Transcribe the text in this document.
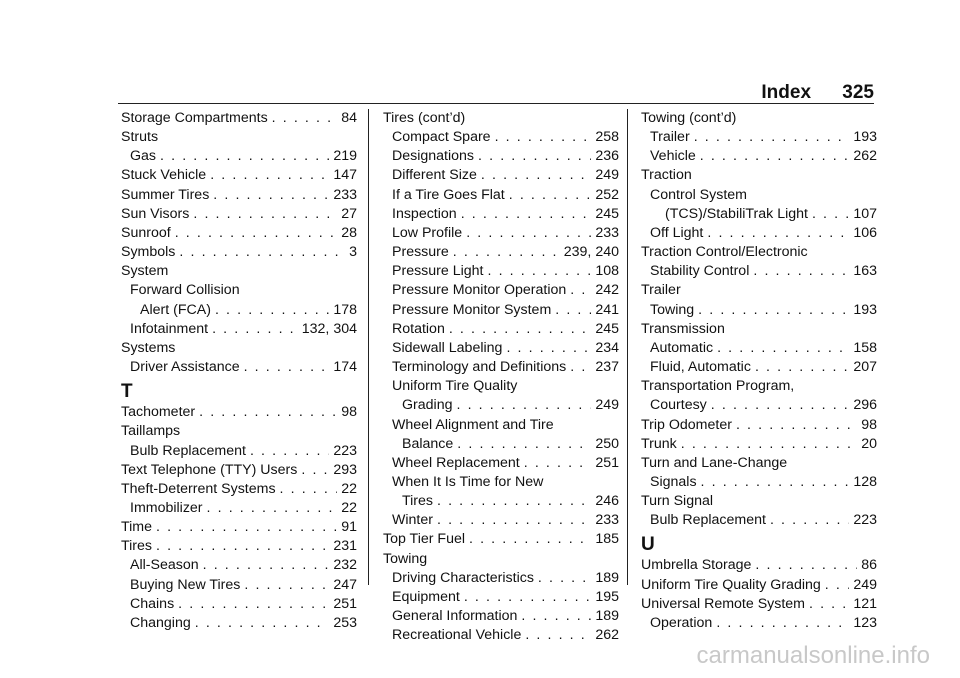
Index 325
Storage Compartments . . .	84
Struts
Gas . . .	219
Stuck Vehicle . . .	147
Summer Tires . . .	233
Sun Visors . . .	27
Sunroof . . .	28
Symbols . . .	3
System
Forward Collision
Alert (FCA) . . .	178
Infotainment . . .	132, 304
Systems
Driver Assistance . . .	174
T
Tachometer . . .	98
Taillamps
Bulb Replacement . . .	223
Text Telephone (TTY) Users . . .	293
Theft-Deterrent Systems . . .	22
Immobilizer . . .	22
Time . . .	91
Tires . . .	231
All-Season . . .	232
Buying New Tires . . .	247
Chains . . .	251
Changing . . .	253
Tires (cont’d)
Compact Spare . . .	258
Designations . . .	236
Different Size . . .	249
If a Tire Goes Flat . . .	252
Inspection . . .	245
Low Profile . . .	233
Pressure . . .	239, 240
Pressure Light . . .	108
Pressure Monitor Operation . . . 242
Pressure Monitor System . . .	241
Rotation . . .	245
Sidewall Labeling . . .	234
Terminology and Definitions . . . 237
Uniform Tire Quality
Grading . . .	249
Wheel Alignment and Tire
Balance . . .	250
Wheel Replacement . . .	251
When It Is Time for New
Tires . . .	246
Winter . . .	233
Top Tier Fuel . . .	185
Towing
Driving Characteristics . . .	189
Equipment . . .	195
General Information . . .	189
Recreational Vehicle . . .	262
Towing (cont’d)
Trailer . . .	193
Vehicle . . .	262
Traction
Control System
(TCS)/StabiliTrak Light . . .	107
Off Light . . .	106
Traction Control/Electronic
Stability Control . . .	163
Trailer
Towing . . .	193
Transmission
Automatic . . .	158
Fluid, Automatic . . .	207
Transportation Program,
Courtesy . . .	296
Trip Odometer . . .	98
Trunk . . .	20
Turn and Lane-Change
Signals . . .	128
Turn Signal
Bulb Replacement . . .	223
U
Umbrella Storage . . .	86
Uniform Tire Quality Grading . . . 249
Universal Remote System . . .	121
Operation . . .	123
carmanualsonline.info
